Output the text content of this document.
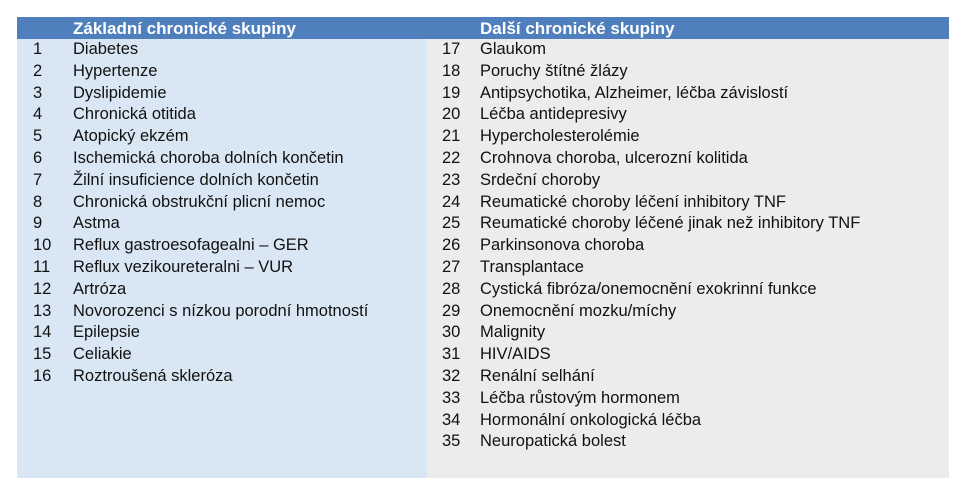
Základní chronické skupiny	Další chronické skupiny
1 Diabetes
2 Hypertenze
3 Dyslipidemie
4 Chronická otitida
5 Atopický ekzém
6 Ischemická choroba dolních končetin
7 Žilní insuficience dolních končetin
8 Chronická obstrukční plicní nemoc
9 Astma
10 Reflux gastroesofagealni – GER
11 Reflux vezikoureteralni – VUR
12 Artróza
13 Novorozenci s nízkou porodní hmotností
14 Epilepsie
15 Celiakie
16 Roztroušená skleróza
17 Glaukom
18 Poruchy štítné žlázy
19 Antipsychotika, Alzheimer, léčba závislostí
20 Léčba antidepresivy
21 Hypercholesterolémie
22 Crohnova choroba, ulcerozní kolitida
23 Srdeční choroby
24 Reumatické choroby léčení inhibitory TNF
25 Reumatické choroby léčené jinak než inhibitory TNF
26 Parkinsonova choroba
27 Transplantace
28 Cystická fibróza/onemocnění exokrinní funkce
29 Onemocnění mozku/míchy
30 Malignity
31 HIV/AIDS
32 Renální selhání
33 Léčba růstovým hormonem
34 Hormonální onkologická léčba
35 Neuropatická bolest
